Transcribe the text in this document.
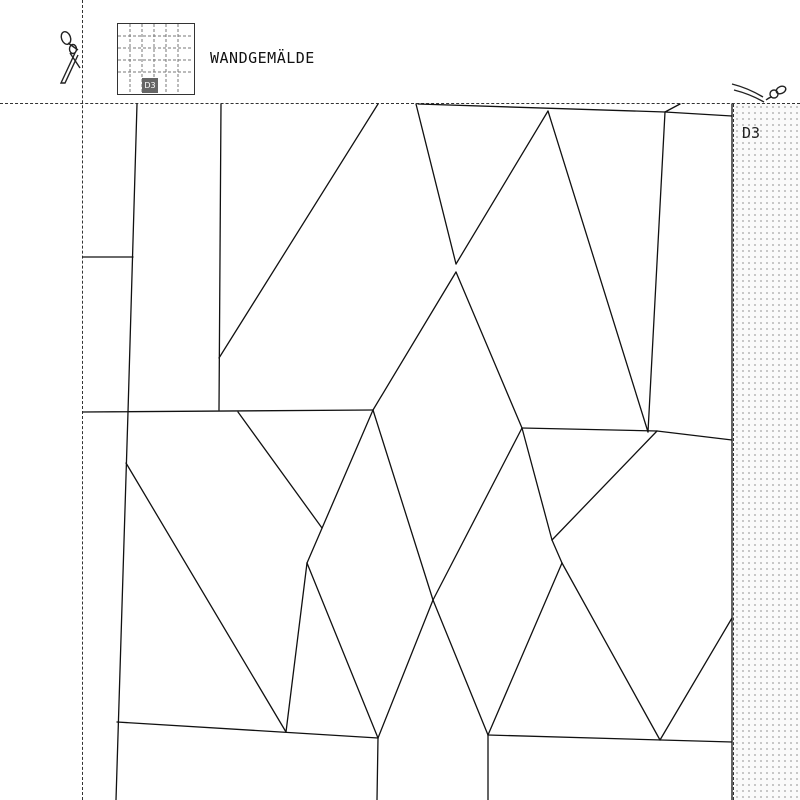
D3
D3
WANDGEMÄLDE
